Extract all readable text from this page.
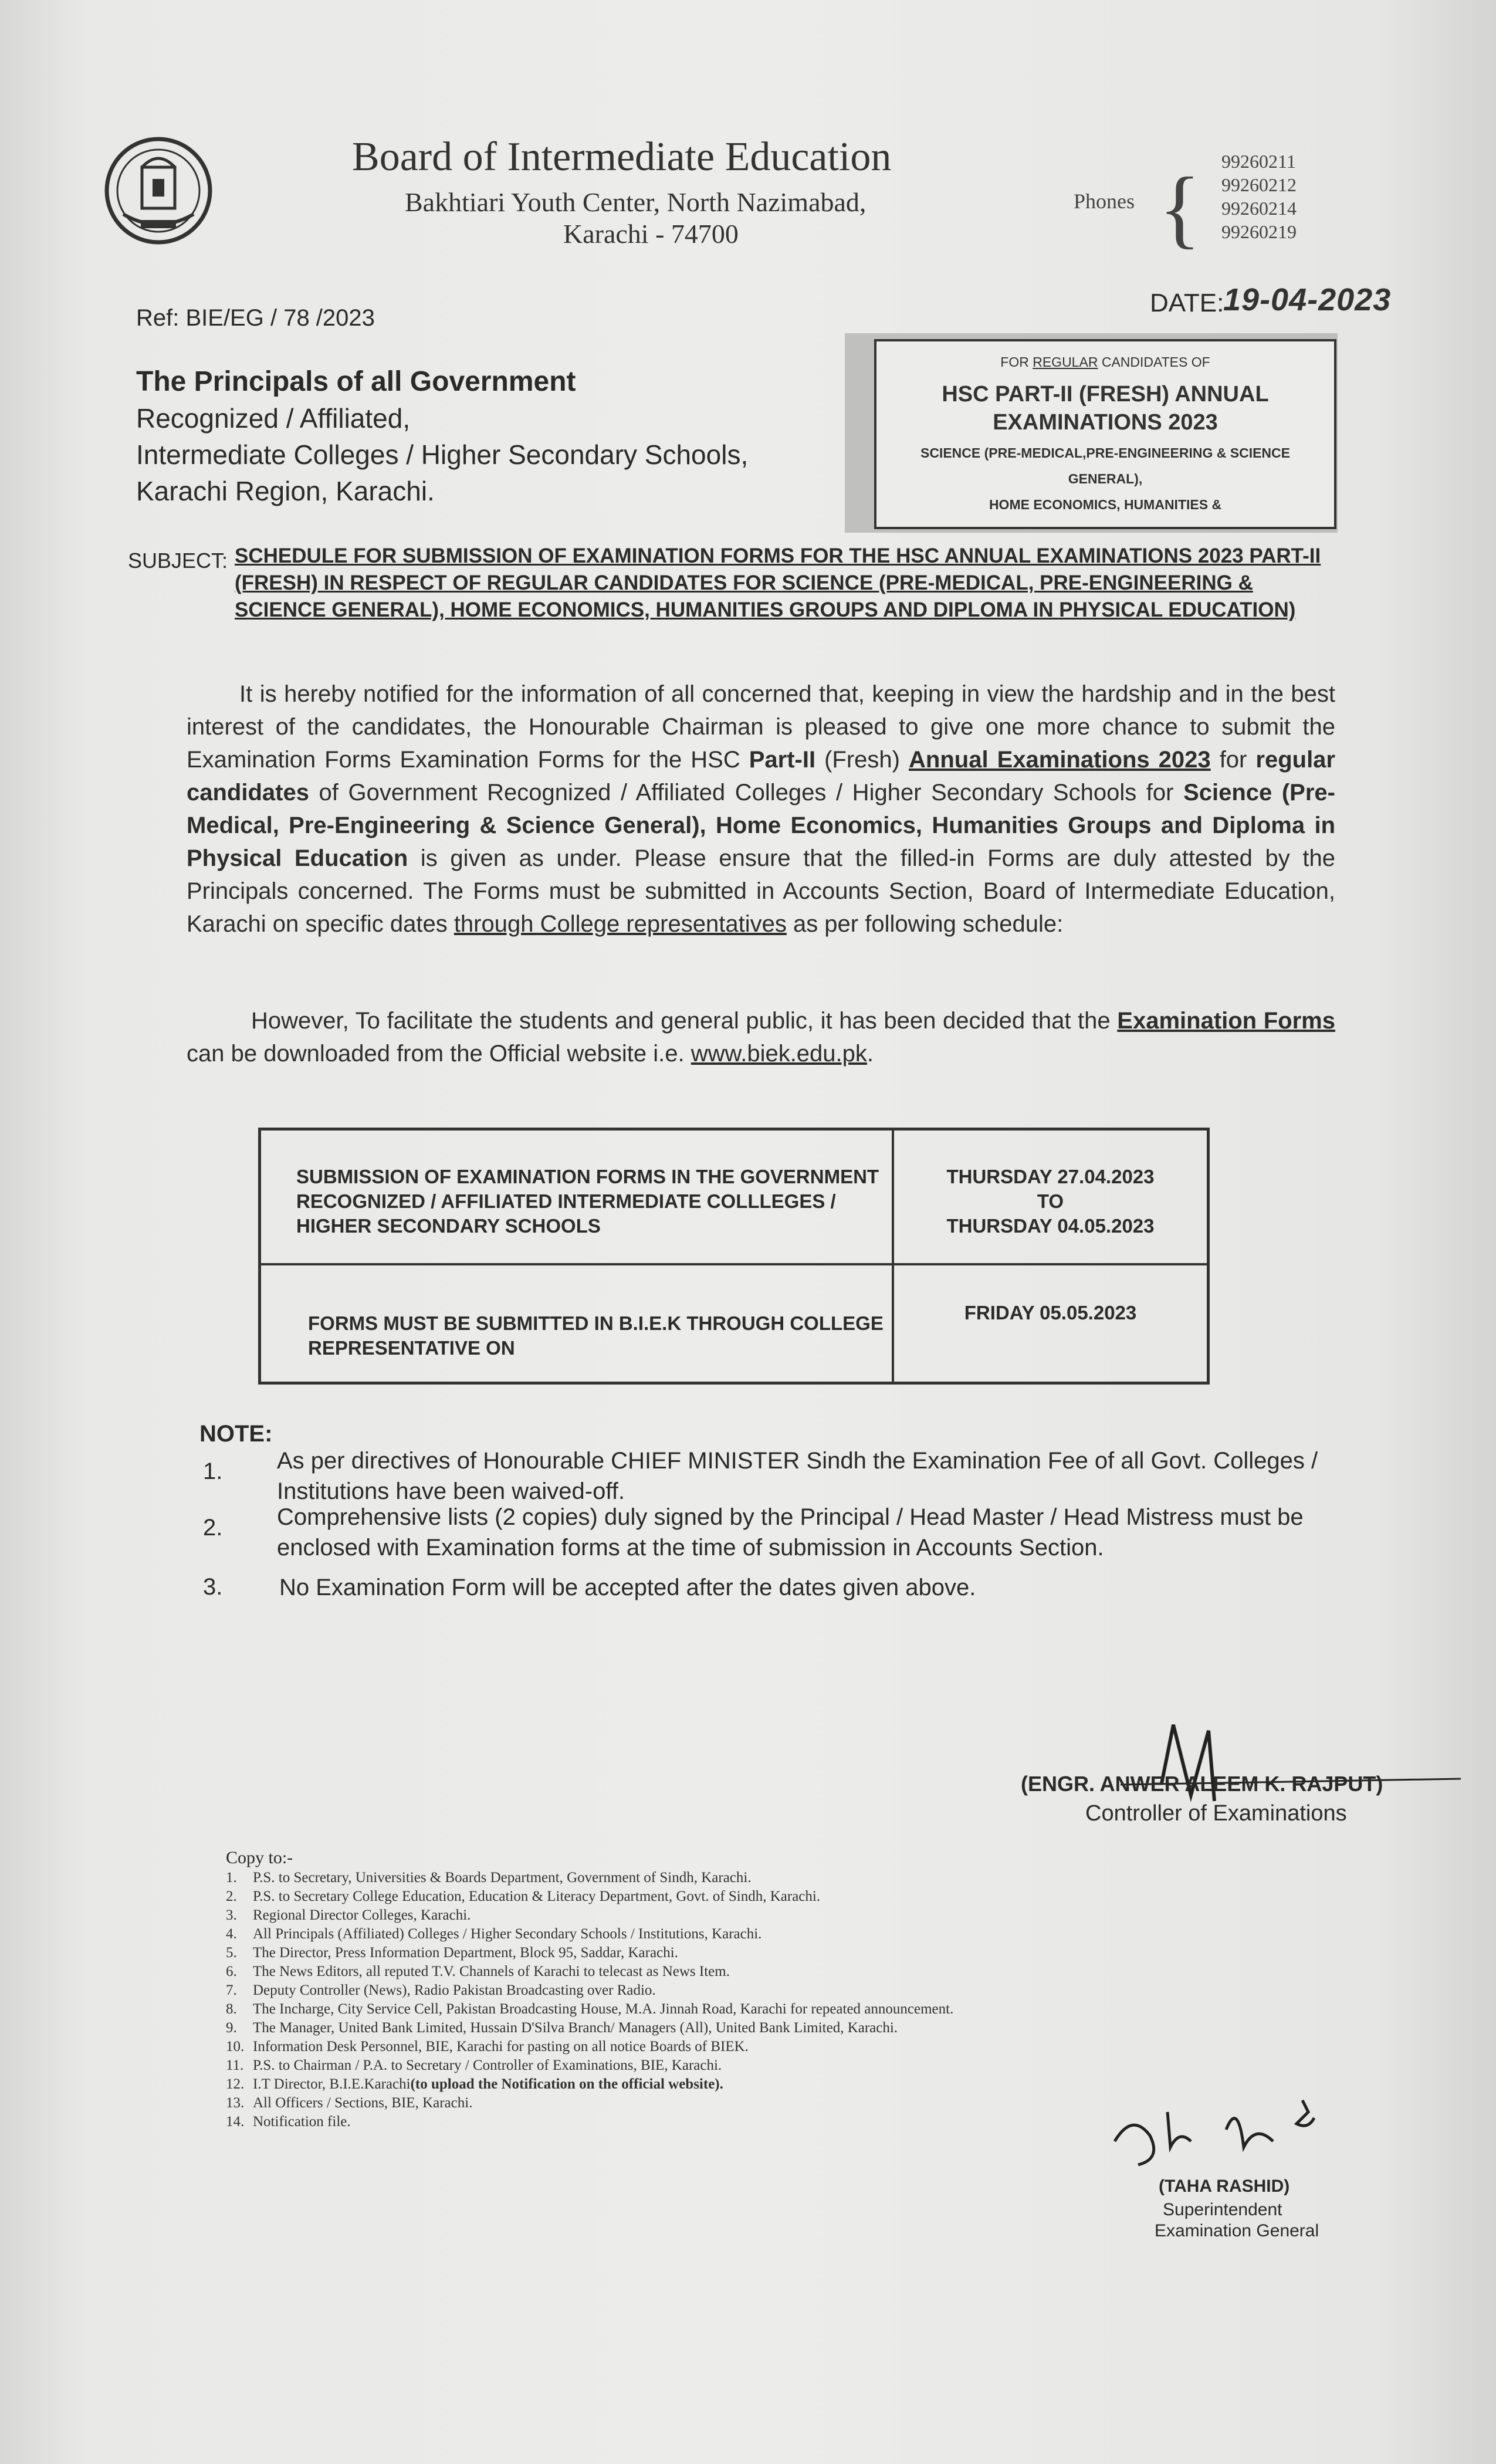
Board of Intermediate Education
Bakhtiari Youth Center, North Nazimabad,
Karachi - 74700
Phones { 99260211
99260212
99260214
99260219
Ref: BIE/EG / 78 /2023
DATE:
19-04-2023
The Principals of all Government
Recognized / Affiliated,
Intermediate Colleges / Higher Secondary Schools,
Karachi Region, Karachi.
FOR REGULAR CANDIDATES OF
HSC PART-II (FRESH) ANNUAL
EXAMINATIONS 2023
SCIENCE (PRE-MEDICAL,PRE-ENGINEERING & SCIENCE
GENERAL),
HOME ECONOMICS, HUMANITIES &
SUBJECT: SCHEDULE FOR SUBMISSION OF EXAMINATION FORMS FOR THE HSC ANNUAL EXAMINATIONS 2023 PART-II (FRESH) IN RESPECT OF REGULAR CANDIDATES FOR SCIENCE (PRE-MEDICAL, PRE-ENGINEERING & SCIENCE GENERAL), HOME ECONOMICS, HUMANITIES GROUPS AND DIPLOMA IN PHYSICAL EDUCATION)
It is hereby notified for the information of all concerned that, keeping in view the hardship and in the best interest of the candidates, the Honourable Chairman is pleased to give one more chance to submit the Examination Forms Examination Forms for the HSC Part-II (Fresh) Annual Examinations 2023 for regular candidates of Government Recognized / Affiliated Colleges / Higher Secondary Schools for Science (Pre-Medical, Pre-Engineering & Science General), Home Economics, Humanities Groups and Diploma in Physical Education is given as under. Please ensure that the filled-in Forms are duly attested by the Principals concerned. The Forms must be submitted in Accounts Section, Board of Intermediate Education, Karachi on specific dates through College representatives as per following schedule:
However, To facilitate the students and general public, it has been decided that the Examination Forms can be downloaded from the Official website i.e. www.biek.edu.pk.
SUBMISSION OF EXAMINATION FORMS IN THE GOVERNMENT RECOGNIZED / AFFILIATED INTERMEDIATE COLLLEGES / HIGHER SECONDARY SCHOOLS	THURSDAY 27.04.2023
TO
THURSDAY 04.05.2023

FORMS MUST BE SUBMITTED IN B.I.E.K THROUGH COLLEGE REPRESENTATIVE ON	FRIDAY 05.05.2023
NOTE:
1. As per directives of Honourable CHIEF MINISTER Sindh the Examination Fee of all Govt. Colleges / Institutions have been waived-off.
2. Comprehensive lists (2 copies) duly signed by the Principal / Head Master / Head Mistress must be enclosed with Examination forms at the time of submission in Accounts Section.
3. No Examination Form will be accepted after the dates given above.
(ENGR. ANWER ALEEM K. RAJPUT)
Controller of Examinations
Copy to:-
1.	P.S. to Secretary, Universities & Boards Department, Government of Sindh, Karachi.
2.	P.S. to Secretary College Education, Education & Literacy Department, Govt. of Sindh, Karachi.
3.	Regional Director Colleges, Karachi.
4.	All Principals (Affiliated) Colleges / Higher Secondary Schools / Institutions, Karachi.
5.	The Director, Press Information Department, Block 95, Saddar, Karachi.
6.	The News Editors, all reputed T.V. Channels of Karachi to telecast as News Item.
7.	Deputy Controller (News), Radio Pakistan Broadcasting over Radio.
8.	The Incharge, City Service Cell, Pakistan Broadcasting House, M.A. Jinnah Road, Karachi for repeated announcement.
9.	The Manager, United Bank Limited, Hussain D'Silva Branch/ Managers (All), United Bank Limited, Karachi.
10. Information Desk Personnel, BIE, Karachi for pasting on all notice Boards of BIEK.
11. P.S. to Chairman / P.A. to Secretary / Controller of Examinations, BIE, Karachi.
12. I.T Director, B.I.E.Karachi (to upload the Notification on the official website).
13. All Officers / Sections, BIE, Karachi.
14. Notification file.
(TAHA RASHID)
Superintendent
Examination General
